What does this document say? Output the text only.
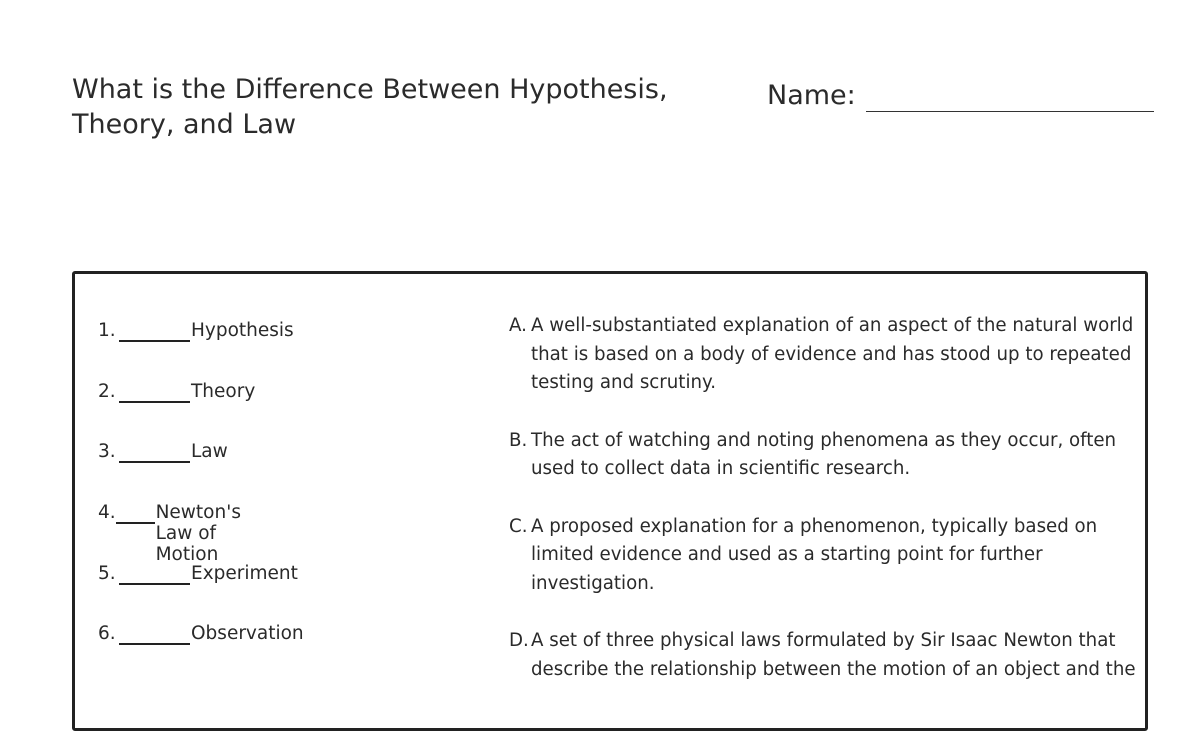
What is the Difference Between Hypothesis, Theory, and Law
Name:
1.	Hypothesis
2.	Theory
3.	Law
4. Newton's Law of Motion
5.	Experiment
6.	Observation
A. A well-substantiated explanation of an aspect of the natural world that is based on a body of evidence and has stood up to repeated testing and scrutiny.
B. The act of watching and noting phenomena as they occur, often used to collect data in scientific research.
C. A proposed explanation for a phenomenon, typically based on limited evidence and used as a starting point for further investigation.
D. A set of three physical laws formulated by Sir Isaac Newton that describe the relationship between the motion of an object and the
